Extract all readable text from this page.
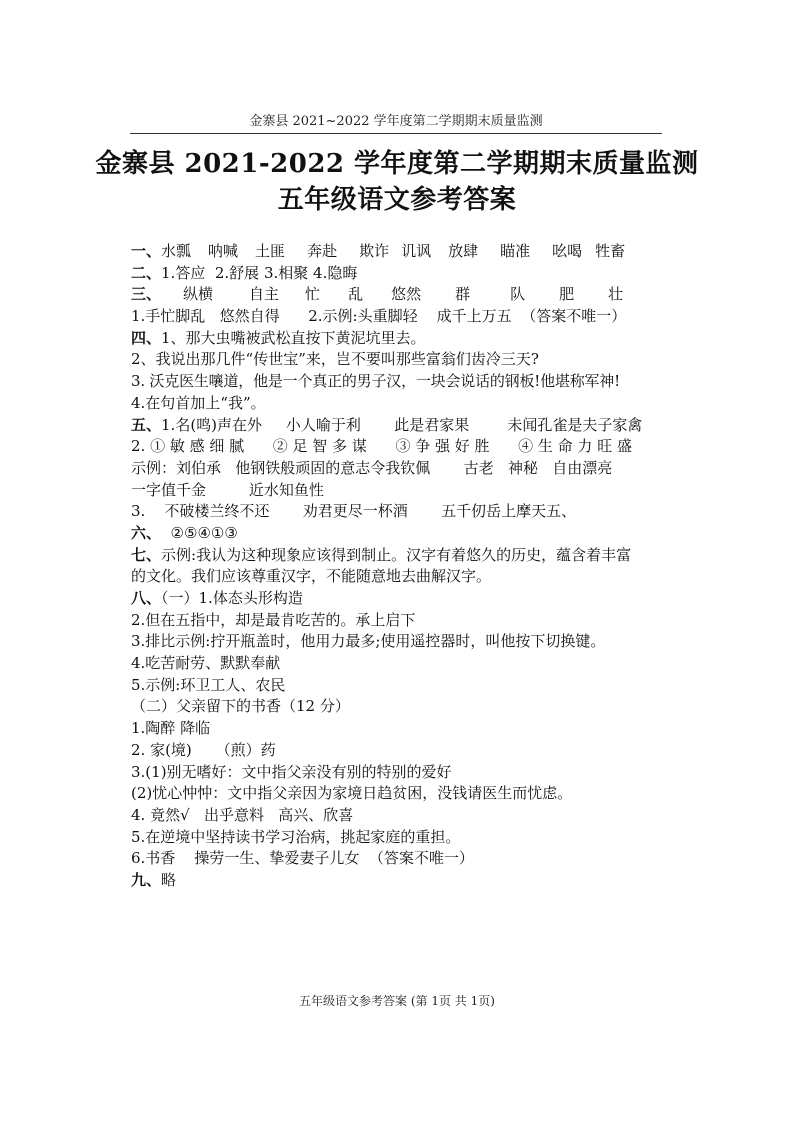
金寨县 2021~2022 学年度第二学期期末质量监测
金寨县 2021-2022 学年度第二学期期末质量监测
五年级语文参考答案
一、水瓢 呐喊 土匪 奔赴 欺诈 讥讽 放肆 瞄准 吆喝 牲畜
二、1.答应  2.舒展 3.相聚 4.隐晦
三、 纵横 自主 忙 乱 悠然 群	队 肥 壮
1.手忙脚乱   悠然自得      2.示例:头重脚轻    成千上万五  （答案不唯一）
四、1、那大虫嘴被武松直按下黄泥坑里去。
2、我说出那几件“传世宝”来，岂不要叫那些富翁们齿冷三天?
3. 沃克医生嚷道，他是一个真正的男子汉，一块会说话的钢板!他堪称军神!
4.在句首加上“我”。
五、1.名(鸣)声在外     小人喻于利       此是君家果        未闻孔雀是夫子家禽
2. ① 敏 感 细 腻      ② 足 智 多 谋      ③ 争 强 好 胜      ④ 生 命 力 旺 盛
示例：刘伯承   他钢铁般顽固的意志令我钦佩       古老   神秘   自由漂亮
一字值千金         近水知鱼性
3.    不破楼兰终不还       劝君更尽一杯酒       五千仞岳上摩天五、
六、  ②⑤④①③
七、示例:我认为这种现象应该得到制止。汉字有着悠久的历史，蕴含着丰富
的文化。我们应该尊重汉字，不能随意地去曲解汉字。
八、（一）1.体态头形构造
2.但在五指中，却是最肯吃苦的。承上启下
3.排比示例:拧开瓶盖时，他用力最多;使用遥控器时，叫他按下切换键。
4.吃苦耐劳、默默奉献
5.示例:环卫工人、农民
（二）父亲留下的书香（12 分）
1.陶醉 降临
2. 家(境)     （煎）药
3.(1)别无嗜好：文中指父亲没有别的特别的爱好
(2)忧心忡忡：文中指父亲因为家境日趋贫困，没钱请医生而忧虑。
4. 竟然√   出乎意料   高兴、欣喜
5.在逆境中坚持读书学习治病，挑起家庭的重担。
6.书香    操劳一生、挚爱妻子儿女  （答案不唯一）
九、略
五年级语文参考答案 (第 1页 共 1页)
